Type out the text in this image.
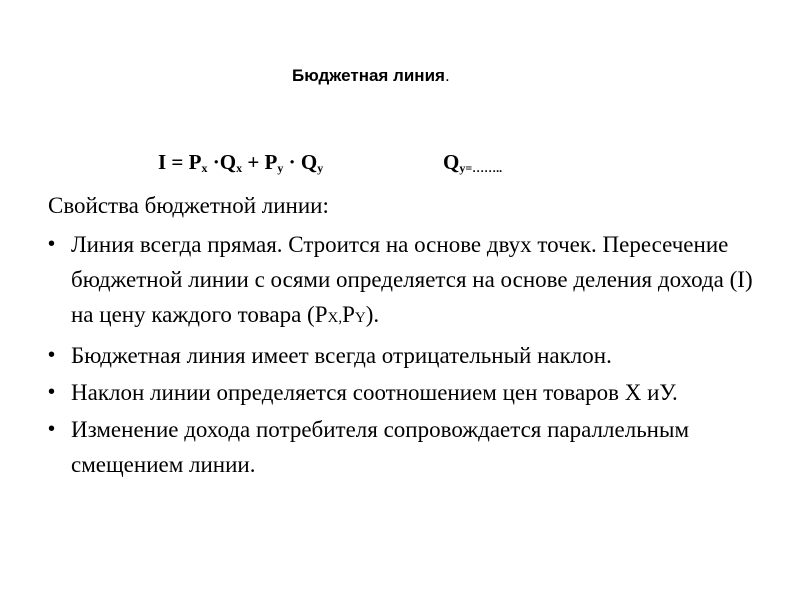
Бюджетная линия.
$I = P_x \cdot Q_x + P_y \cdot Q_y$	$Q_{y=\dots\dots..}$
Свойства бюджетной линии:
• Линия всегда прямая. Строится на основе двух точек. Пересечение бюджетной линии с осями определяется на основе деления дохода (I) на цену каждого товара (PX,PY).
• Бюджетная линия имеет всегда отрицательный наклон.
• Наклон линии определяется соотношением цен товаров Х иУ.
• Изменение дохода потребителя сопровождается параллельным смещением линии.
